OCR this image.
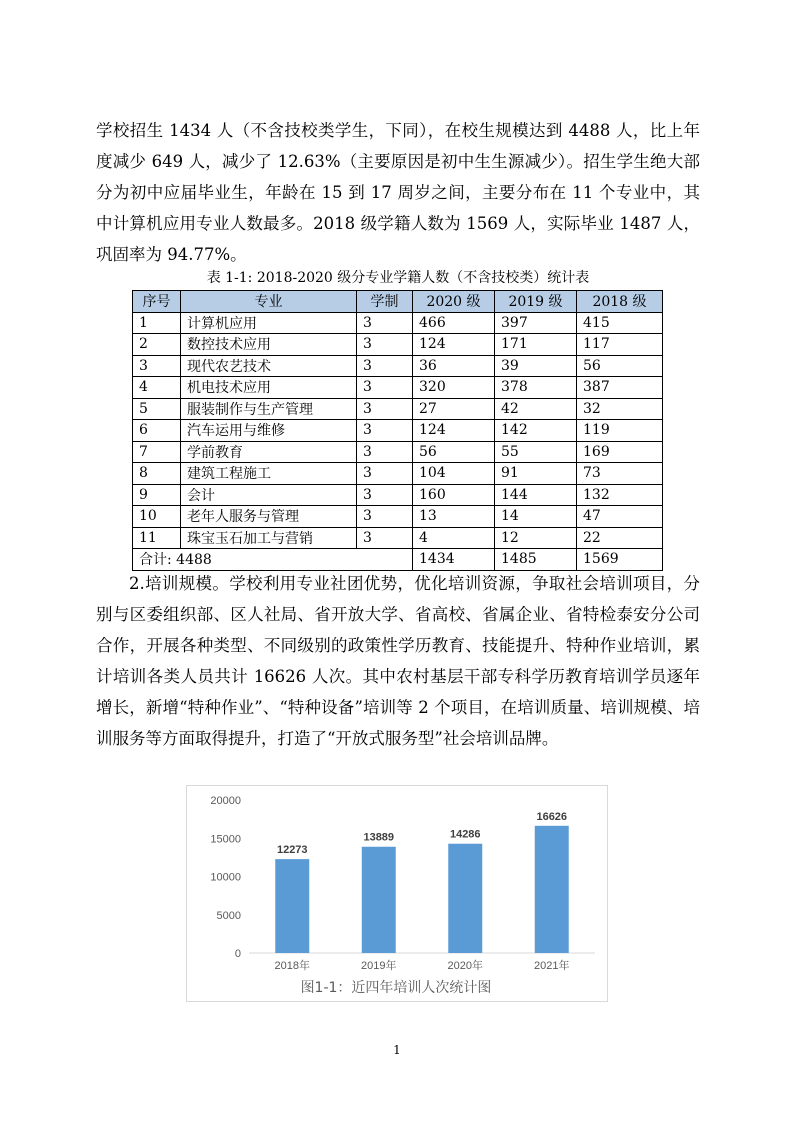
学校招生 1434 人（不含技校类学生，下同），在校生规模达到 4488 人，比上年度减少 649 人，减少了 12.63%（主要原因是初中生生源减少）。招生学生绝大部分为初中应届毕业生，年龄在 15 到 17 周岁之间，主要分布在 11 个专业中，其中计算机应用专业人数最多。2018 级学籍人数为 1569 人，实际毕业 1487 人，巩固率为 94.77%。

表 1-1: 2018-2020 级分专业学籍人数（不含技校类）统计表
序号	专业	学制	2020 级	2019 级	2018 级
1	计算机应用	3	466	397	415
2	数控技术应用	3	124	171	117
3	现代农艺技术	3	36	39	56
4	机电技术应用	3	320	378	387
5	服装制作与生产管理	3	27	42	32
6	汽车运用与维修	3	124	142	119
7	学前教育	3	56	55	169
8	建筑工程施工	3	104	91	73
9	会计	3	160	144	132
10	老年人服务与管理	3	13	14	47
11	珠宝玉石加工与营销	3	4	12	22
合计: 4488			1434	1485	1569

2.培训规模。学校利用专业社团优势，优化培训资源，争取社会培训项目，分别与区委组织部、区人社局、省开放大学、省高校、省属企业、省特检泰安分公司合作，开展各种类型、不同级别的政策性学历教育、技能提升、特种作业培训，累计培训各类人员共计 16626 人次。其中农村基层干部专科学历教育培训学员逐年增长，新增“特种作业”、“特种设备”培训等 2 个项目，在培训质量、培训规模、培训服务等方面取得提升，打造了“开放式服务型”社会培训品牌。

0
5000
10000
15000
20000
12273
2018年
13889
2019年
14286
2020年
16626
2021年
图1-1：近四年培训人次统计图
1
